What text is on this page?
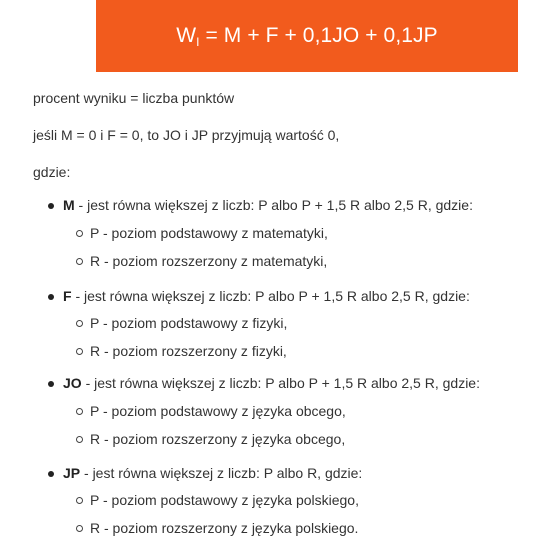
$W_I = M + F + 0,1JO + 0,1JP$
procent wyniku = liczba punktów
jeśli M = 0 i F = 0, to JO i JP przyjmują wartość 0,
gdzie:
M - jest równa większej z liczb: P albo P + 1,5 R albo 2,5 R, gdzie:
P - poziom podstawowy z matematyki,
R - poziom rozszerzony z matematyki,
F - jest równa większej z liczb: P albo P + 1,5 R albo 2,5 R, gdzie:
P - poziom podstawowy z fizyki,
R - poziom rozszerzony z fizyki,
JO - jest równa większej z liczb: P albo P + 1,5 R albo 2,5 R, gdzie:
P - poziom podstawowy z języka obcego,
R - poziom rozszerzony z języka obcego,
JP - jest równa większej z liczb: P albo R, gdzie:
P - poziom podstawowy z języka polskiego,
R - poziom rozszerzony z języka polskiego.
